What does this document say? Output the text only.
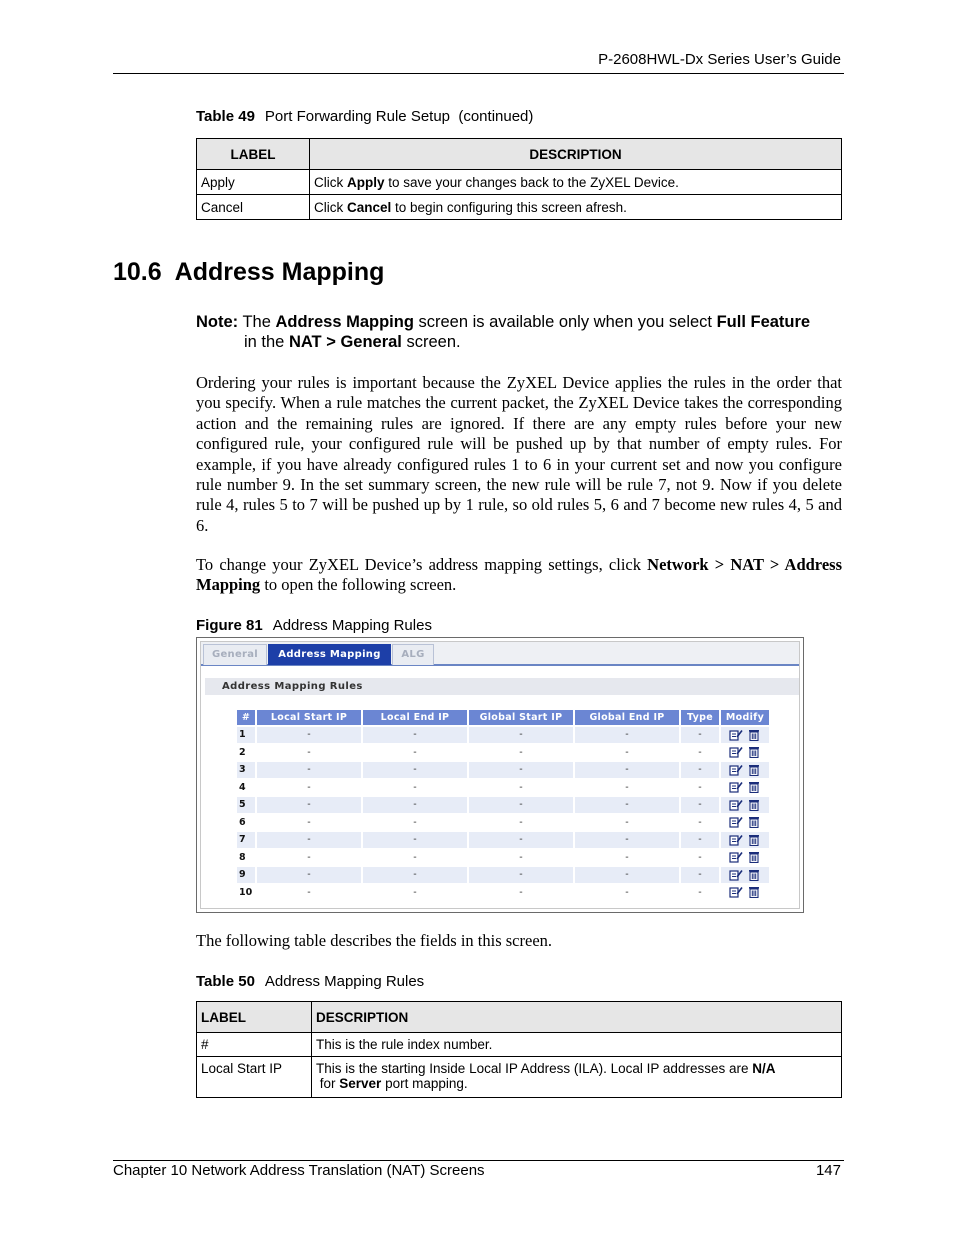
P-2608HWL-Dx Series User’s Guide
Table 49 Port Forwarding Rule Setup  (continued)
LABEL	DESCRIPTION
Apply	Click Apply to save your changes back to the ZyXEL Device.
Cancel	Click Cancel to begin configuring this screen afresh.
10.6 Address Mapping
Note: The Address Mapping screen is available only when you select Full Feature
in the NAT > General screen.
Ordering your rules is important because the ZyXEL Device applies the rules in the order that you specify. When a rule matches the current packet, the ZyXEL Device takes the corresponding action and the remaining rules are ignored. If there are any empty rules before your new configured rule, your configured rule will be pushed up by that number of empty rules. For example, if you have already configured rules 1 to 6 in your current set and now you configure rule number 9. In the set summary screen, the new rule will be rule 7, not 9. Now if you delete rule 4, rules 5 to 7 will be pushed up by 1 rule, so old rules 5, 6 and 7 become new rules 4, 5 and 6.
To change your ZyXEL Device’s address mapping settings, click Network > NAT > Address Mapping to open the following screen.
Figure 81 Address Mapping Rules
General	Address Mapping	ALG
Address Mapping Rules
#	Local Start IP	Local End IP	Global Start IP	Global End IP	Type	Modify
1	-	-	-	-	-	

2	-	-	-	-	-	

3	-	-	-	-	-	

4	-	-	-	-	-	

5	-	-	-	-	-	

6	-	-	-	-	-	

7	-	-	-	-	-	

8	-	-	-	-	-	

9	-	-	-	-	-	

10	-	-	-	-	-	

The following table describes the fields in this screen.
Table 50 Address Mapping Rules
LABEL	DESCRIPTION
#	This is the rule index number.
Local Start IP	This is the starting Inside Local IP Address (ILA). Local IP addresses are N/A for Server port mapping.
Chapter 10 Network Address Translation (NAT) Screens	147
